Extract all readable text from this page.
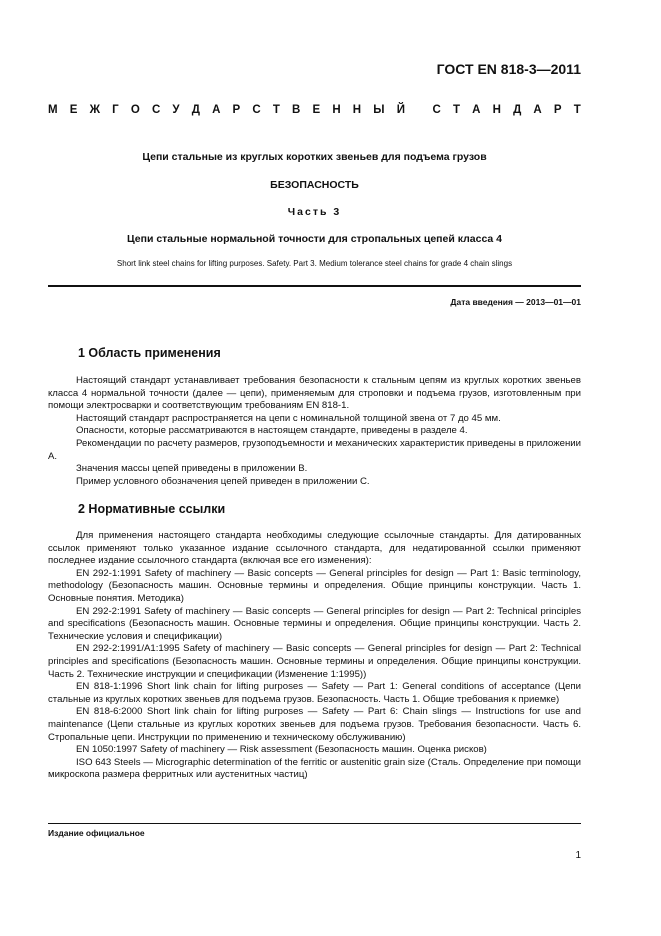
ГОСТ EN 818-3—2011
М Е Ж Г О С У Д А Р С Т В Е Н Н Ы Й
С Т А Н Д А Р Т
Цепи стальные из круглых коротких звеньев для подъема грузов
БЕЗОПАСНОСТЬ
Часть 3
Цепи стальные нормальной точности для стропальных цепей класса 4
Short link steel chains for lifting purposes. Safety. Part 3. Medium tolerance steel chains for grade 4 chain slings
Дата введения — 2013—01—01
1 Область применения

Настоящий стандарт устанавливает требования безопасности к стальным цепям из круглых коротких звеньев класса 4 нормальной точности (далее — цепи), применяемым для строповки и подъема грузов, изготовленным при помощи электросварки и соответствующим требованиям EN 818-1.

Настоящий стандарт распространяется на цепи с номинальной толщиной звена от 7 до 45 мм.

Опасности, которые рассматриваются в настоящем стандарте, приведены в разделе 4.

Рекомендации по расчету размеров, грузоподъемности и механических характеристик приведены в приложении А.

Значения массы цепей приведены в приложении В.

Пример условного обозначения цепей приведен в приложении С.

2 Нормативные ссылки

Для применения настоящего стандарта необходимы следующие ссылочные стандарты. Для датированных ссылок применяют только указанное издание ссылочного стандарта, для недатированной ссылки применяют последнее издание ссылочного стандарта (включая все его изменения):

EN 292-1:1991 Safety of machinery — Basic concepts — General principles for design — Part 1: Basic terminology, methodology (Безопасность машин. Основные термины и определения. Общие принципы конструкции. Часть 1. Основные понятия. Методика)

EN 292-2:1991 Safety of machinery — Basic concepts — General principles for design — Part 2: Technical principles and specifications (Безопасность машин. Основные термины и определения. Общие принципы конструкции. Часть 2. Технические условия и спецификации)

EN 292-2:1991/A1:1995 Safety of machinery — Basic concepts — General principles for design — Part 2: Technical principles and specifications (Безопасность машин. Основные термины и определения. Общие принципы конструкции. Часть 2. Технические инструкции и спецификации (Изменение 1:1995))

EN 818-1:1996 Short link chain for lifting purposes — Safety — Part 1: General conditions of acceptance (Цепи стальные из круглых коротких звеньев для подъема грузов. Безопасность. Часть 1. Общие требования к приемке)

EN 818-6:2000 Short link chain for lifting purposes — Safety — Part 6: Chain slings — Instructions for use and maintenance (Цепи стальные из круглых коротких звеньев для подъема грузов. Требования безопасности. Часть 6. Стропальные цепи. Инструкции по применению и техническому обслуживанию)

EN 1050:1997 Safety of machinery — Risk assessment (Безопасность машин. Оценка рисков)

ISO 643 Steels — Micrographic determination of the ferritic or austenitic grain size (Сталь. Определение при помощи микроскопа размера ферритных или аустенитных частиц)

Издание официальное
1
